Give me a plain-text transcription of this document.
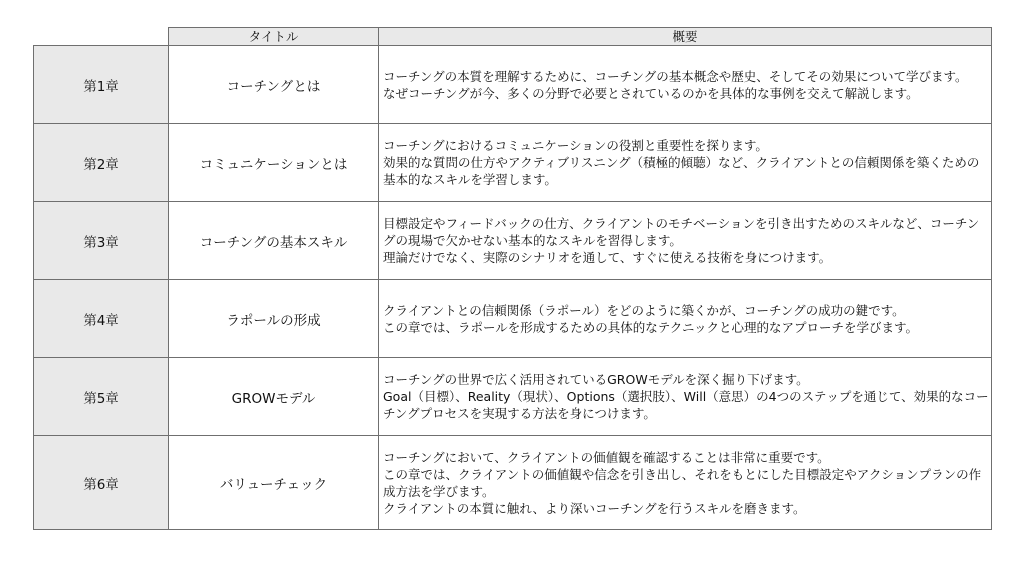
	タイトル	概要
第1章	コーチングとは	コーチングの本質を理解するために、コーチングの基本概念や歴史、そしてその効果について学びます。
なぜコーチングが今、多くの分野で必要とされているのかを具体的な事例を交えて解説します。

第2章	コミュニケーションとは	コーチングにおけるコミュニケーションの役割と重要性を探ります。
効果的な質問の仕方やアクティブリスニング（積極的傾聴）など、クライアントとの信頼関係を築くための基本的なスキルを学習します。

第3章	コーチングの基本スキル	目標設定やフィードバックの仕方、クライアントのモチベーションを引き出すためのスキルなど、コーチングの現場で欠かせない基本的なスキルを習得します。
理論だけでなく、実際のシナリオを通して、すぐに使える技術を身につけます。

第4章	ラポールの形成	クライアントとの信頼関係（ラポール）をどのように築くかが、コーチングの成功の鍵です。
この章では、ラポールを形成するための具体的なテクニックと心理的なアプローチを学びます。

第5章	GROWモデル	コーチングの世界で広く活用されているGROWモデルを深く掘り下げます。
Goal（目標）、Reality（現状）、Options（選択肢）、Will（意思）の4つのステップを通じて、効果的なコーチングプロセスを実現する方法を身につけます。

第6章	バリューチェック	コーチングにおいて、クライアントの価値観を確認することは非常に重要です。
この章では、クライアントの価値観や信念を引き出し、それをもとにした目標設定やアクションプランの作成方法を学びます。
クライアントの本質に触れ、より深いコーチングを行うスキルを磨きます。
